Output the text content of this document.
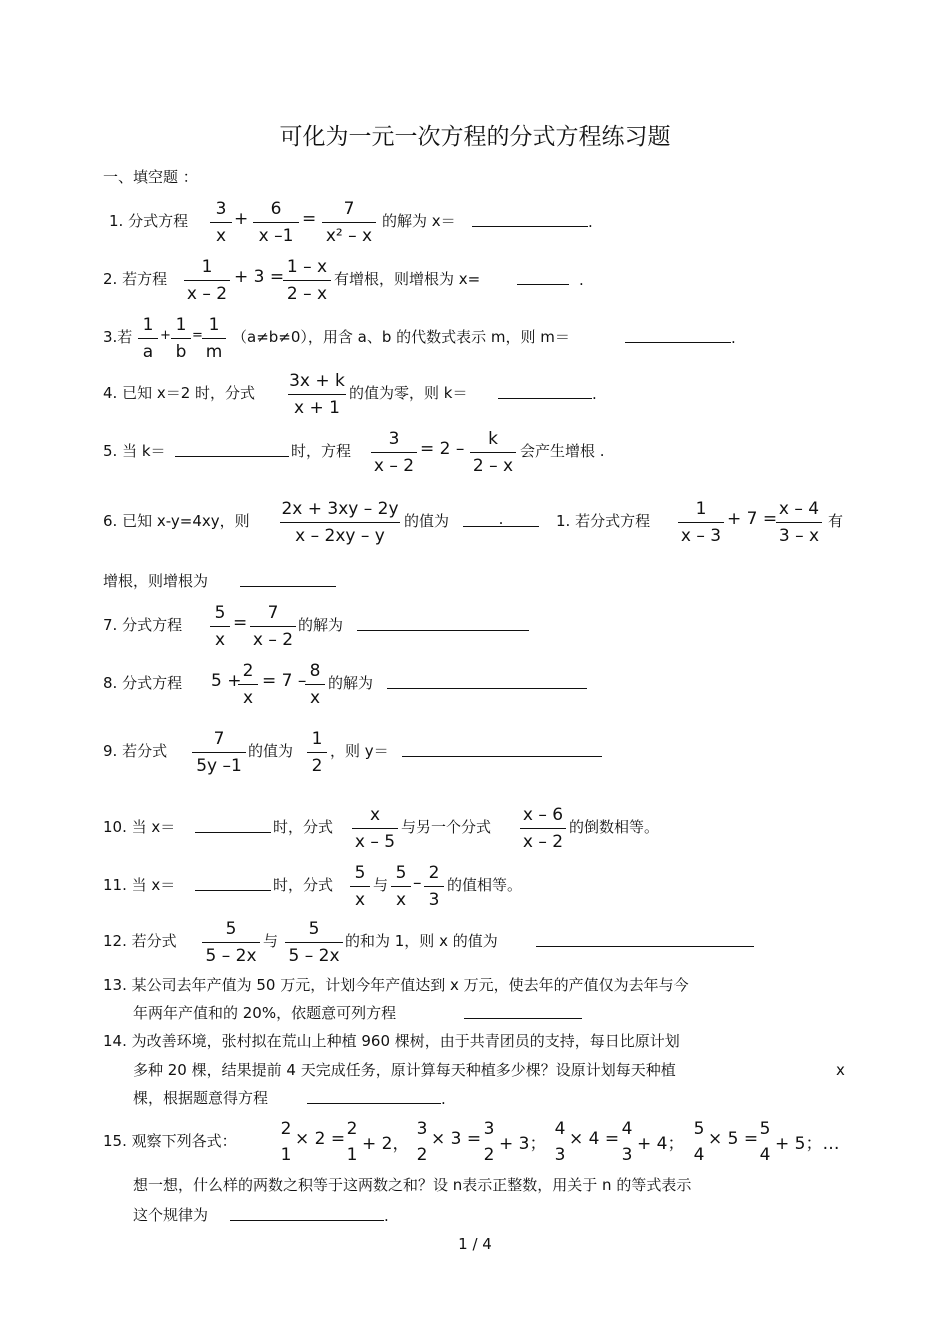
可化为一元一次方程的分式方程练习题
一、填空题 ：
1. 分式方程
3
x
+	6
x –1
=	7
x² – x
的解为 x＝	.
2. 若方程
1
x – 2
+ 3 = 1 – x
2 – x
有增根，则增根为 x=	.
3.若
1
a
+
1
b
=
1
m
（a≠b≠0），用含 a、b 的代数式表示 m，则 m＝	.
4. 已知 x＝2 时，分式
3x + k
x + 1
的值为零，则 k＝	.
5. 当 k＝	时，方程
3
x – 2
= 2 –	k
2 – x
会产生增根 .
6. 已知 x-y=4xy，则
2x + 3xy – 2y
x – 2xy – y
的值为	.	1. 若分式方程
1
x – 3
+ 7 = x – 4
3 – x
有
增根，则增根为
7. 分式方程
5
x
=	7
x – 2
的解为
8. 分式方程 5 + 2
x
= 7 – 8
x
的解为
9. 若分式
7
5y –1
的值为
1
2
，则 y＝
10. 当 x＝	时，分式
x
x – 5
与另一个分式
x – 6
x – 2
的倒数相等。
11. 当 x＝	时，分式
5
x
与
5
x
– 2
3
的值相等。
12. 若分式
5
5 – 2x
与
5
5 – 2x
的和为 1，则 x 的值为
13. 某公司去年产值为 50 万元，计划今年产值达到 x 万元，使去年的产值仅为去年与今
年两年产值和的 20%，依题意可列方程
14. 为改善环境，张村拟在荒山上种植 960 棵树，由于共青团员的支持，每日比原计划
多种 20 棵，结果提前 4 天完成任务，原计算每天种植多少棵？设原计划每天种植	x
棵，根据题意得方程	.
15. 观察下列各式：
2
1
× 2 = 2
1
+ 2，
3
2
× 3 = 3
2
+ 3；
4
3
× 4 = 4
3
+ 4；
5
4
× 5 = 5
4
+ 5；…
想一想，什么样的两数之积等于这两数之和？设 n表示正整数，用关于 n 的等式表示
这个规律为	.
1 / 4
